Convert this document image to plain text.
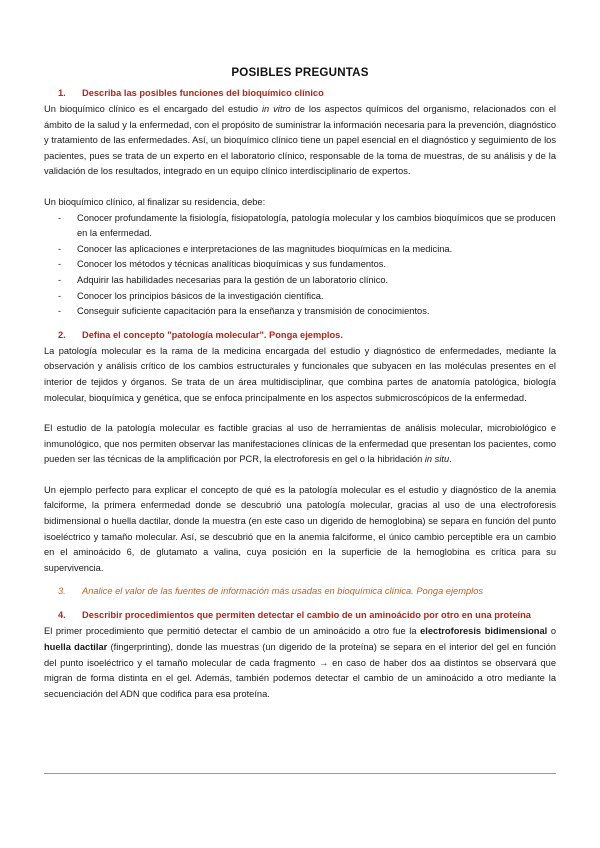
POSIBLES PREGUNTAS
1. Describa las posibles funciones del bioquímico clínico

Un bioquímico clínico es el encargado del estudio in vitro de los aspectos químicos del organismo, relacionados con el ámbito de la salud y la enfermedad, con el propósito de suministrar la información necesaria para la prevención, diagnóstico y tratamiento de las enfermedades. Así, un bioquímico clínico tiene un papel esencial en el diagnóstico y seguimiento de los pacientes, pues se trata de un experto en el laboratorio clínico, responsable de la toma de muestras, de su análisis y de la validación de los resultados, integrado en un equipo clínico interdisciplinario de expertos.

Un bioquímico clínico, al finalizar su residencia, debe:

- Conocer profundamente la fisiología, fisiopatología, patología molecular y los cambios bioquímicos que se producen en la enfermedad.
- Conocer las aplicaciones e interpretaciones de las magnitudes bioquímicas en la medicina.
- Conocer los métodos y técnicas analíticas bioquímicas y sus fundamentos.
- Adquirir las habilidades necesarias para la gestión de un laboratorio clínico.
- Conocer los principios básicos de la investigación científica.
- Conseguir suficiente capacitación para la enseñanza y transmisión de conocimientos.
2. Defina el concepto "patología molecular". Ponga ejemplos.

La patología molecular es la rama de la medicina encargada del estudio y diagnóstico de enfermedades, mediante la observación y análisis crítico de los cambios estructurales y funcionales que subyacen en las moléculas presentes en el interior de tejidos y órganos. Se trata de un área multidisciplinar, que combina partes de anatomía patológica, biología molecular, bioquímica y genética, que se enfoca principalmente en los aspectos submicroscópicos de la enfermedad.

El estudio de la patología molecular es factible gracias al uso de herramientas de análisis molecular, microbiológico e inmunológico, que nos permiten observar las manifestaciones clínicas de la enfermedad que presentan los pacientes, como pueden ser las técnicas de la amplificación por PCR, la electroforesis en gel o la hibridación in situ.

Un ejemplo perfecto para explicar el concepto de qué es la patología molecular es el estudio y diagnóstico de la anemia falciforme, la primera enfermedad donde se descubrió una patología molecular, gracias al uso de una electroforesis bidimensional o huella dactilar, donde la muestra (en este caso un digerido de hemoglobina) se separa en función del punto isoeléctrico y tamaño molecular. Así, se descubrió que en la anemia falciforme, el único cambio perceptible era un cambio en el aminoácido 6, de glutamato a valina, cuya posición en la superficie de la hemoglobina es crítica para su supervivencia.

3. Analice el valor de las fuentes de información más usadas en bioquímica clínica. Ponga ejemplos
4. Describir procedimientos que permiten detectar el cambio de un aminoácido por otro en una proteína

El primer procedimiento que permitió detectar el cambio de un aminoácido a otro fue la electroforesis bidimensional o huella dactilar (fingerprinting), donde las muestras (un digerido de la proteína) se separa en el interior del gel en función del punto isoeléctrico y el tamaño molecular de cada fragmento → en caso de haber dos aa distintos se observará que migran de forma distinta en el gel. Además, también podemos detectar el cambio de un aminoácido a otro mediante la secuenciación del ADN que codifica para esa proteína.
